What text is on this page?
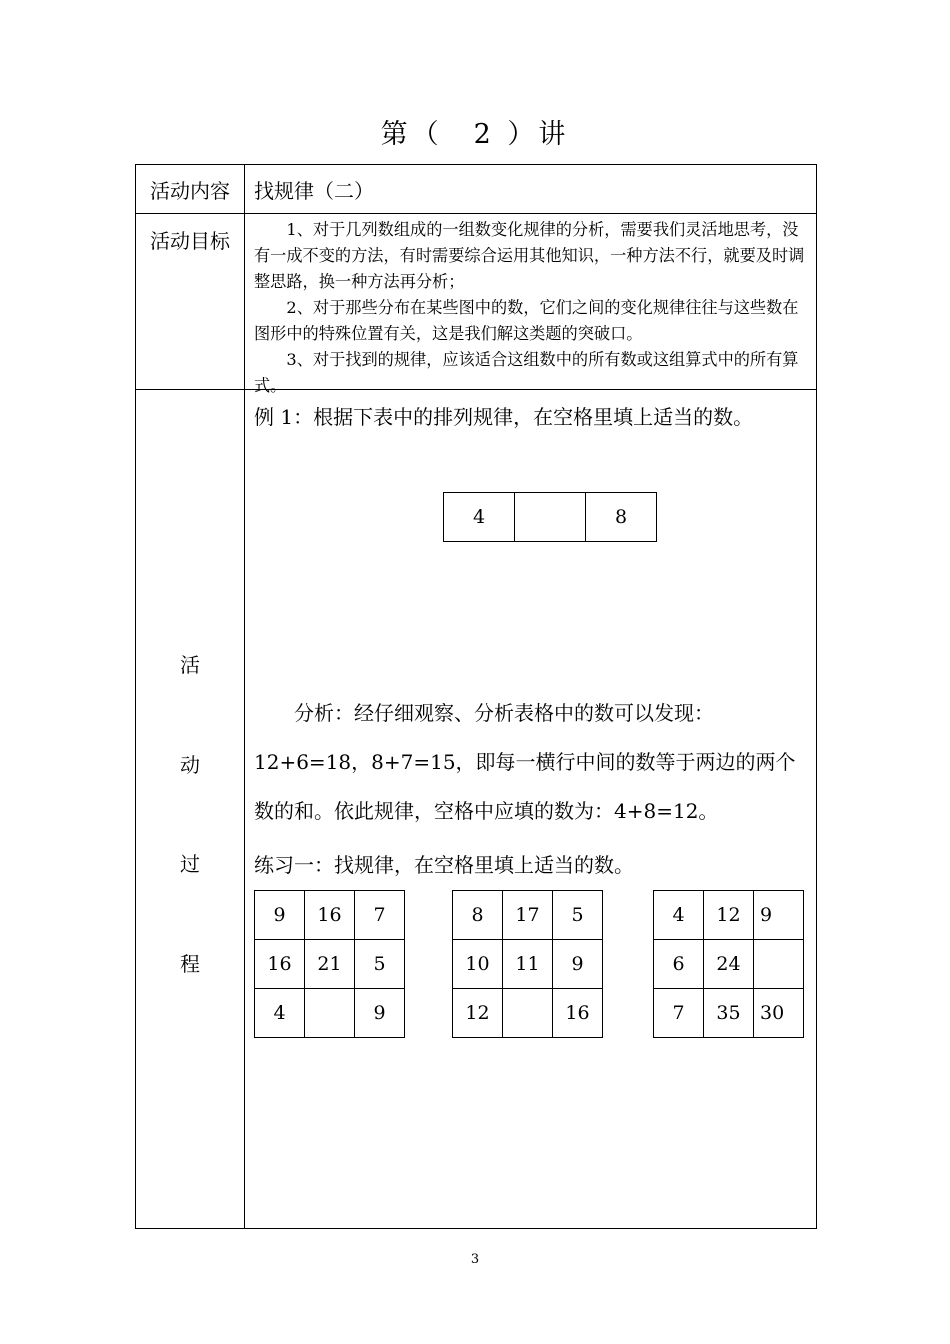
第（　2 ）讲
活动内容	找规律（二）
活动目标	1、对于几列数组成的一组数变化规律的分析，需要我们灵活地思考，没有一成不变的方法，有时需要综合运用其他知识，一种方法不行，就要及时调整思路，换一种方法再分析；

2、对于那些分布在某些图中的数，它们之间的变化规律往往与这些数在图形中的特殊位置有关，这是我们解这类题的突破口。

3、对于找到的规律，应该适合这组数中的所有数或这组算式中的所有算式。

活
动
过
程
例 1：根据下表中的排列规律，在空格里填上适当的数。
4		8

　　分析：经仔细观察、分析表格中的数可以发现：

12+6=18，8+7=15，即每一横行中间的数等于两边的两个

数的和。依此规律，空格中应填的数为：4+8=12。

练习一：找规律，在空格里填上适当的数。
9	16	7
16	21	5
4		9
8	17	5
10	11	9
12		16
4	12	9
6	24	
7	35	30
3
